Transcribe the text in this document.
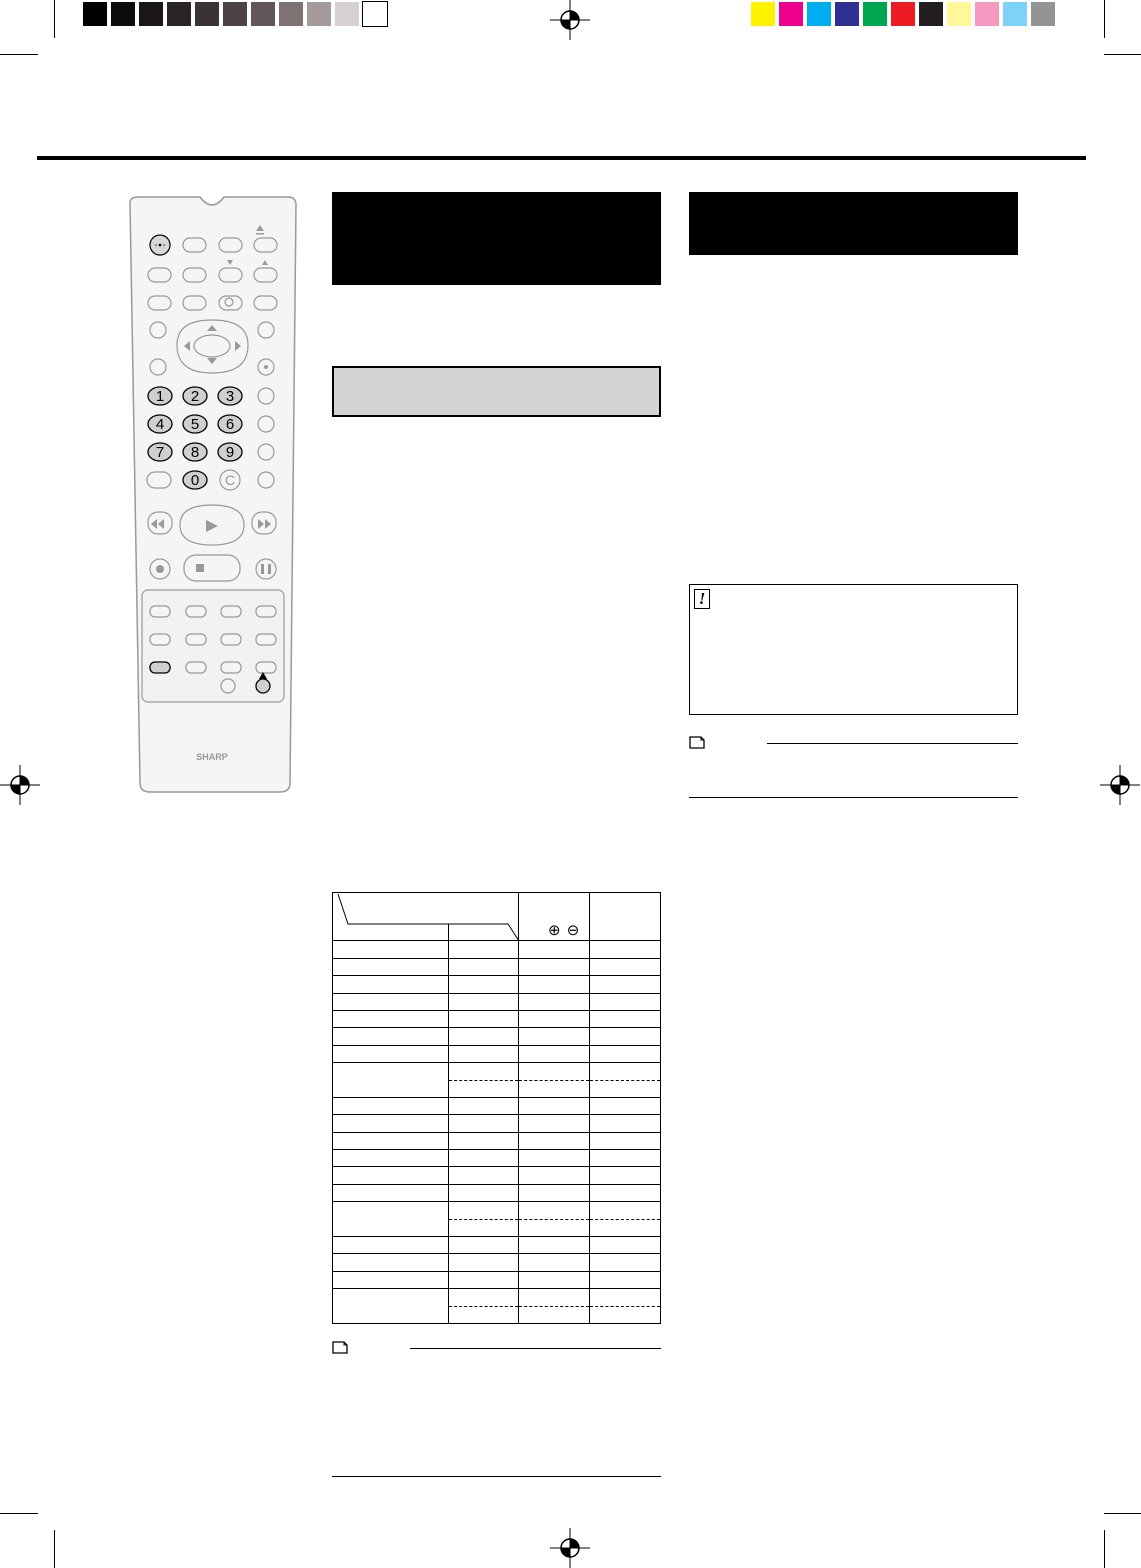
1 2 3
4 5 6
7 8 9
0 C
SHARP

⊕ ⊖
!
